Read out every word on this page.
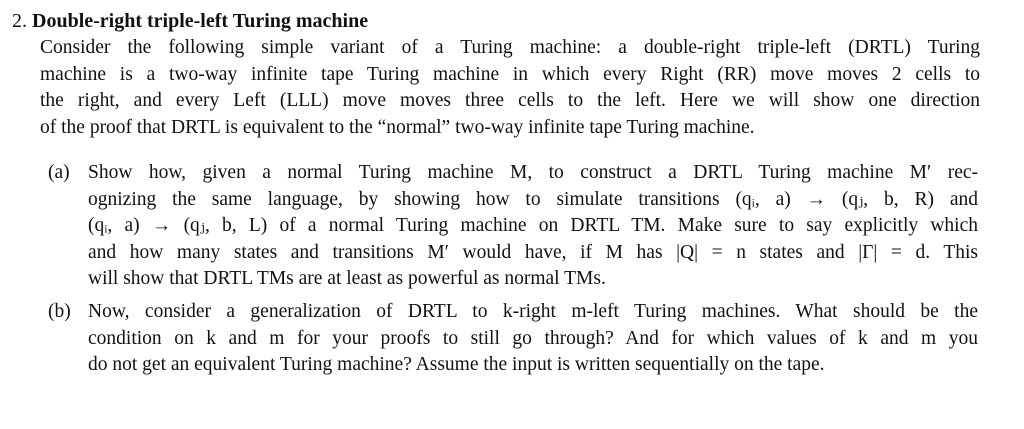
2. Double-right triple-left Turing machine
Consider the following simple variant of a Turing machine: a double-right triple-left (DRTL) Turing
machine is a two-way infinite tape Turing machine in which every Right (RR) move moves 2 cells to
the right, and every Left (LLL) move moves three cells to the left. Here we will show one direction
of the proof that DRTL is equivalent to the “normal” two-way infinite tape Turing machine.
(a) Show how, given a normal Turing machine M, to construct a DRTL Turing machine M′ rec-
ognizing the same language, by showing how to simulate transitions (qᵢ, a) → (qⱼ, b, R) and
(qᵢ, a) → (qⱼ, b, L) of a normal Turing machine on DRTL TM. Make sure to say explicitly which
and how many states and transitions M′ would have, if M has |Q| = n states and |Γ| = d. This
will show that DRTL TMs are at least as powerful as normal TMs.
(b) Now, consider a generalization of DRTL to k-right m-left Turing machines. What should be the
condition on k and m for your proofs to still go through? And for which values of k and m you
do not get an equivalent Turing machine? Assume the input is written sequentially on the tape.
